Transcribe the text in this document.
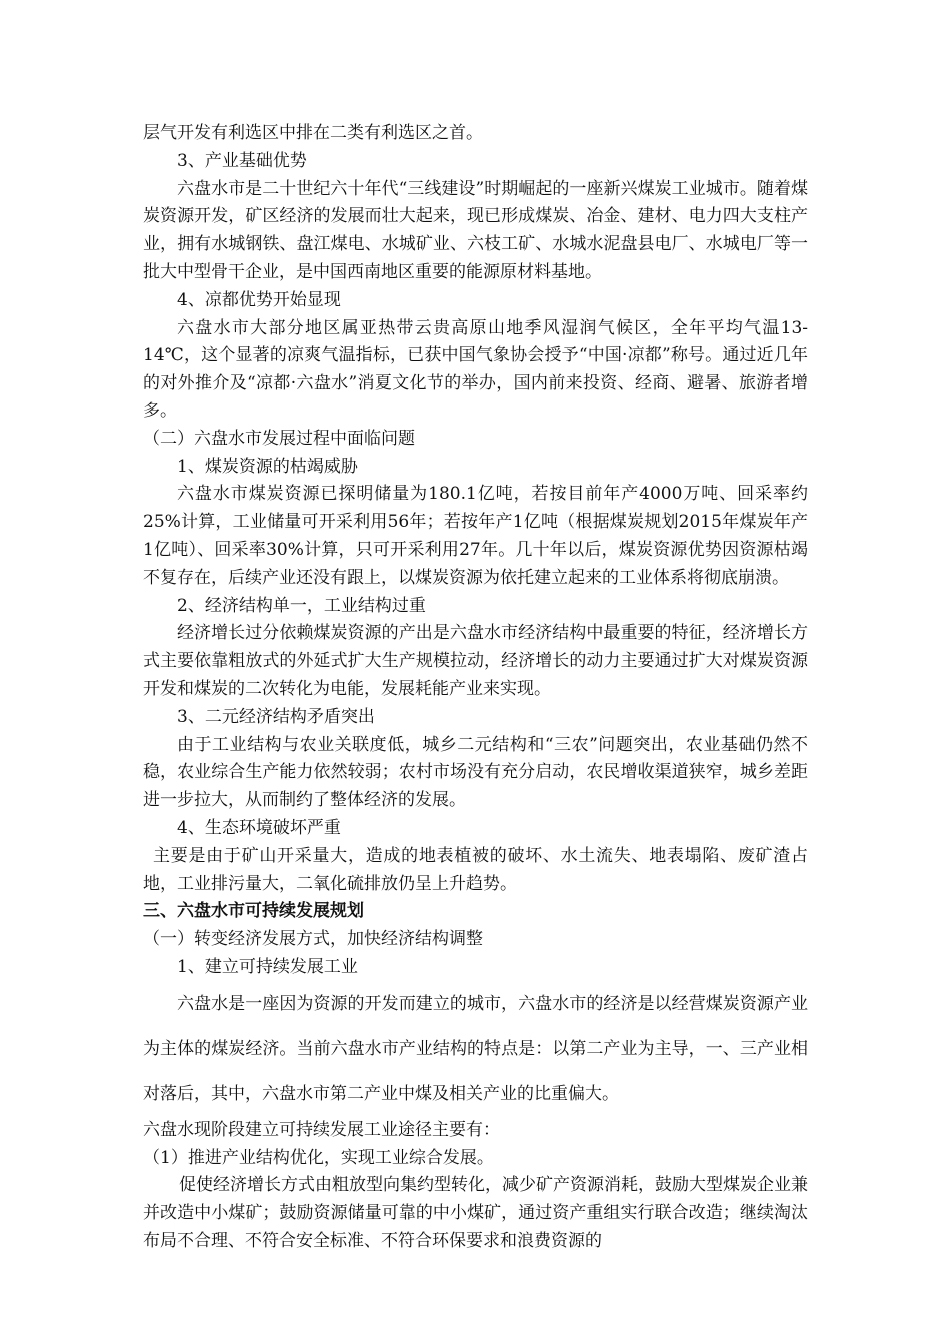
层气开发有利选区中排在二类有利选区之首。

3、产业基础优势

六盘水市是二十世纪六十年代“三线建设”时期崛起的一座新兴煤炭工业城市。随着煤炭资源开发，矿区经济的发展而壮大起来，现已形成煤炭、冶金、建材、电力四大支柱产业，拥有水城钢铁、盘江煤电、水城矿业、六枝工矿、水城水泥盘县电厂、水城电厂等一批大中型骨干企业，是中国西南地区重要的能源原材料基地。

4、凉都优势开始显现

六盘水市大部分地区属亚热带云贵高原山地季风湿润气候区，全年平均气温13-14℃，这个显著的凉爽气温指标，已获中国气象协会授予“中国·凉都”称号。通过近几年的对外推介及“凉都·六盘水”消夏文化节的举办，国内前来投资、经商、避暑、旅游者增多。

（二）六盘水市发展过程中面临问题

1、煤炭资源的枯竭威胁

六盘水市煤炭资源已探明储量为180.1亿吨，若按目前年产4000万吨、回采率约25%计算，工业储量可开采利用56年；若按年产1亿吨（根据煤炭规划2015年煤炭年产1亿吨）、回采率30%计算，只可开采利用27年。几十年以后，煤炭资源优势因资源枯竭不复存在，后续产业还没有跟上，以煤炭资源为依托建立起来的工业体系将彻底崩溃。

2、经济结构单一，工业结构过重

经济增长过分依赖煤炭资源的产出是六盘水市经济结构中最重要的特征，经济增长方式主要依靠粗放式的外延式扩大生产规模拉动，经济增长的动力主要通过扩大对煤炭资源开发和煤炭的二次转化为电能，发展耗能产业来实现。

3、二元经济结构矛盾突出

由于工业结构与农业关联度低，城乡二元结构和“三农”问题突出，农业基础仍然不稳，农业综合生产能力依然较弱；农村市场没有充分启动，农民增收渠道狭窄，城乡差距进一步拉大，从而制约了整体经济的发展。

4、生态环境破坏严重

主要是由于矿山开采量大，造成的地表植被的破坏、水土流失、地表塌陷、废矿渣占地，工业排污量大，二氧化硫排放仍呈上升趋势。

三、六盘水市可持续发展规划

（一）转变经济发展方式，加快经济结构调整

1、建立可持续发展工业

六盘水是一座因为资源的开发而建立的城市，六盘水市的经济是以经营煤炭资源产业为主体的煤炭经济。当前六盘水市产业结构的特点是：以第二产业为主导，一、三产业相对落后，其中，六盘水市第二产业中煤及相关产业的比重偏大。

六盘水现阶段建立可持续发展工业途径主要有：

（1）推进产业结构优化，实现工业综合发展。

促使经济增长方式由粗放型向集约型转化，减少矿产资源消耗，鼓励大型煤炭企业兼并改造中小煤矿；鼓励资源储量可靠的中小煤矿，通过资产重组实行联合改造；继续淘汰布局不合理、不符合安全标准、不符合环保要求和浪费资源的
